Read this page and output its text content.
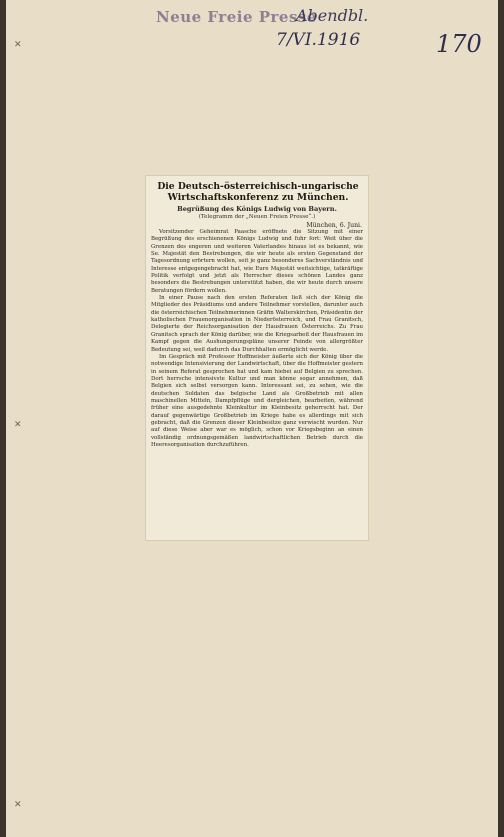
✕
✕
✕
Neue Freie Presse
Abendbl.
7/VI.1916	170
Die Deutsch-österreichisch-ungarische Wirtschaftskonferenz zu München.
Begrüßung des Königs Ludwig von Bayern.
(Telegramm der „Neuen Freien Presse“.)
München, 6. Juni.

Vorsitzender Geheimrat Paasche eröffnete die Sitzung mit einer Begrüßung des erschienenen Königs Ludwig und fuhr fort: Weit über die Grenzen des engeren und weiteren Vaterlandes hinaus ist es bekannt, wie Se. Majestät den Bestrebungen, die wir heute als ersten Gegenstand der Tagesordnung erörtern wollen, seit je ganz besonderes Sachverständnis und Interesse entgegengebracht hat, wie Eure Majestät weitsichtige, tatkräftige Politik verfolgt und jetzt als Herrscher dieses schönen Landes ganz besonders die Bestrebungen unterstützt haben, die wir heute durch unsere Beratungen fördern wollen.

In einer Pause nach den ersten Referaten ließ sich der König die Mitglieder des Präsidiums und andere Teilnehmer vorstellen, darunter auch die österreichischen Teilnehmerinnen Gräfin Walterskirchen, Präsidentin der katholischen Frauenorganisation in Niederösterreich, und Frau Granitsch, Delegierte der Reichsorganisation der Hausfrauen Österreichs. Zu Frau Granitsch sprach der König darüber, wie die Kriegsarbeit der Hausfrauen im Kampf gegen die Aushungerungspläne unserer Feinde von allergrößter Bedeutung sei, weil dadurch das Durchhalten ermöglicht werde.

Im Gespräch mit Professor Hoffmeister äußerte sich der König über die notwendige Intensivierung der Landwirtschaft, über die Hoffmeister gestern in seinem Referat gesprochen hat und kam hiebei auf Belgien zu sprechen. Dort herrsche intensivste Kultur und man könne sogar annehmen, daß Belgien sich selbst versorgen kann. Interessant sei, zu sehen, wie die deutschen Soldaten das belgische Land als Großbetrieb mit allen maschinellen Mitteln, Dampfpflüge und dergleichen, bearbeiten, während früher eine ausgedehnte Kleinkultur im Kleinbesitz geherrscht hat. Der darauf gegenwärtige Großbetrieb im Kriege habe es allerdings mit sich gebracht, daß die Grenzen dieser Kleinbesitze ganz verwischt wurden. Nur auf diese Weise aber war es möglich, schon vor Kriegsbeginn an einen vollständig ordnungsgemäßen landwirtschaftlichen Betrieb durch die Heeresorganisation durchzuführen.
